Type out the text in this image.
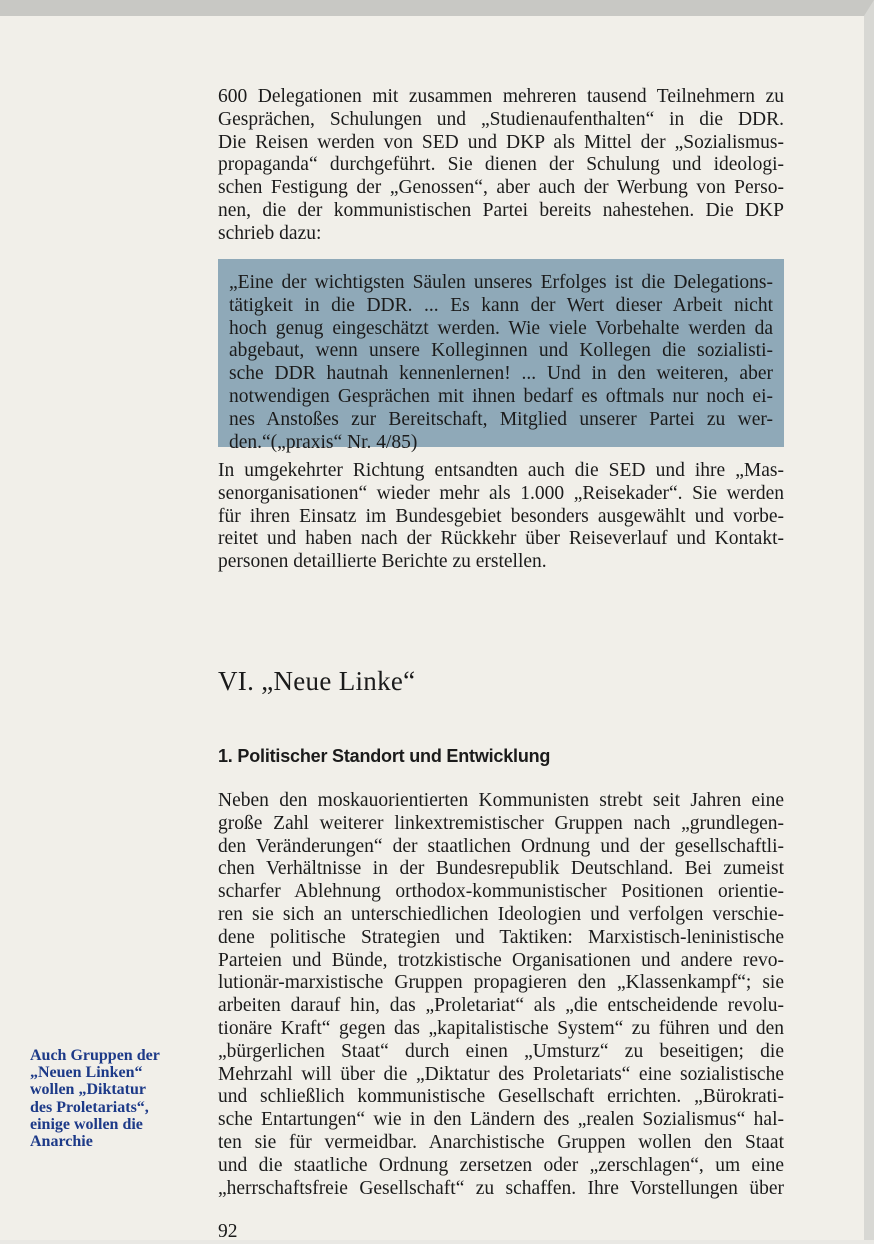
600 Delegationen mit zusammen mehreren tausend Teilnehmern zu
Gesprächen, Schulungen und „Studienaufenthalten“ in die DDR.
Die Reisen werden von SED und DKP als Mittel der „Sozialismus-
propaganda“ durchgeführt. Sie dienen der Schulung und ideologi-
schen Festigung der „Genossen“, aber auch der Werbung von Perso-
nen, die der kommunistischen Partei bereits nahestehen. Die DKP
schrieb dazu:
„Eine der wichtigsten Säulen unseres Erfolges ist die Delegations-
tätigkeit in die DDR. ... Es kann der Wert dieser Arbeit nicht
hoch genug eingeschätzt werden. Wie viele Vorbehalte werden da
abgebaut, wenn unsere Kolleginnen und Kollegen die sozialisti-
sche DDR hautnah kennenlernen! ... Und in den weiteren, aber
notwendigen Gesprächen mit ihnen bedarf es oftmals nur noch ei-
nes Anstoßes zur Bereitschaft, Mitglied unserer Partei zu wer-
den.“(„praxis“ Nr. 4/85)
In umgekehrter Richtung entsandten auch die SED und ihre „Mas-
senorganisationen“ wieder mehr als 1.000 „Reisekader“. Sie werden
für ihren Einsatz im Bundesgebiet besonders ausgewählt und vorbe-
reitet und haben nach der Rückkehr über Reiseverlauf und Kontakt-
personen detaillierte Berichte zu erstellen.
VI. „Neue Linke“
1. Politischer Standort und Entwicklung
Neben den moskauorientierten Kommunisten strebt seit Jahren eine
große Zahl weiterer linkextremistischer Gruppen nach „grundlegen-
den Veränderungen“ der staatlichen Ordnung und der gesellschaftli-
chen Verhältnisse in der Bundesrepublik Deutschland. Bei zumeist
scharfer Ablehnung orthodox-kommunistischer Positionen orientie-
ren sie sich an unterschiedlichen Ideologien und verfolgen verschie-
dene politische Strategien und Taktiken: Marxistisch-leninistische
Parteien und Bünde, trotzkistische Organisationen und andere revo-
lutionär-marxistische Gruppen propagieren den „Klassenkampf“; sie
arbeiten darauf hin, das „Proletariat“ als „die entscheidende revolu-
tionäre Kraft“ gegen das „kapitalistische System“ zu führen und den
„bürgerlichen Staat“ durch einen „Umsturz“ zu beseitigen; die
Mehrzahl will über die „Diktatur des Proletariats“ eine sozialistische
und schließlich kommunistische Gesellschaft errichten. „Bürokrati-
sche Entartungen“ wie in den Ländern des „realen Sozialismus“ hal-
ten sie für vermeidbar. Anarchistische Gruppen wollen den Staat
und die staatliche Ordnung zersetzen oder „zerschlagen“, um eine
„herrschaftsfreie Gesellschaft“ zu schaffen. Ihre Vorstellungen über
Auch Gruppen der
„Neuen Linken“
wollen „Diktatur
des Proletariats“,
einige wollen die
Anarchie

92
